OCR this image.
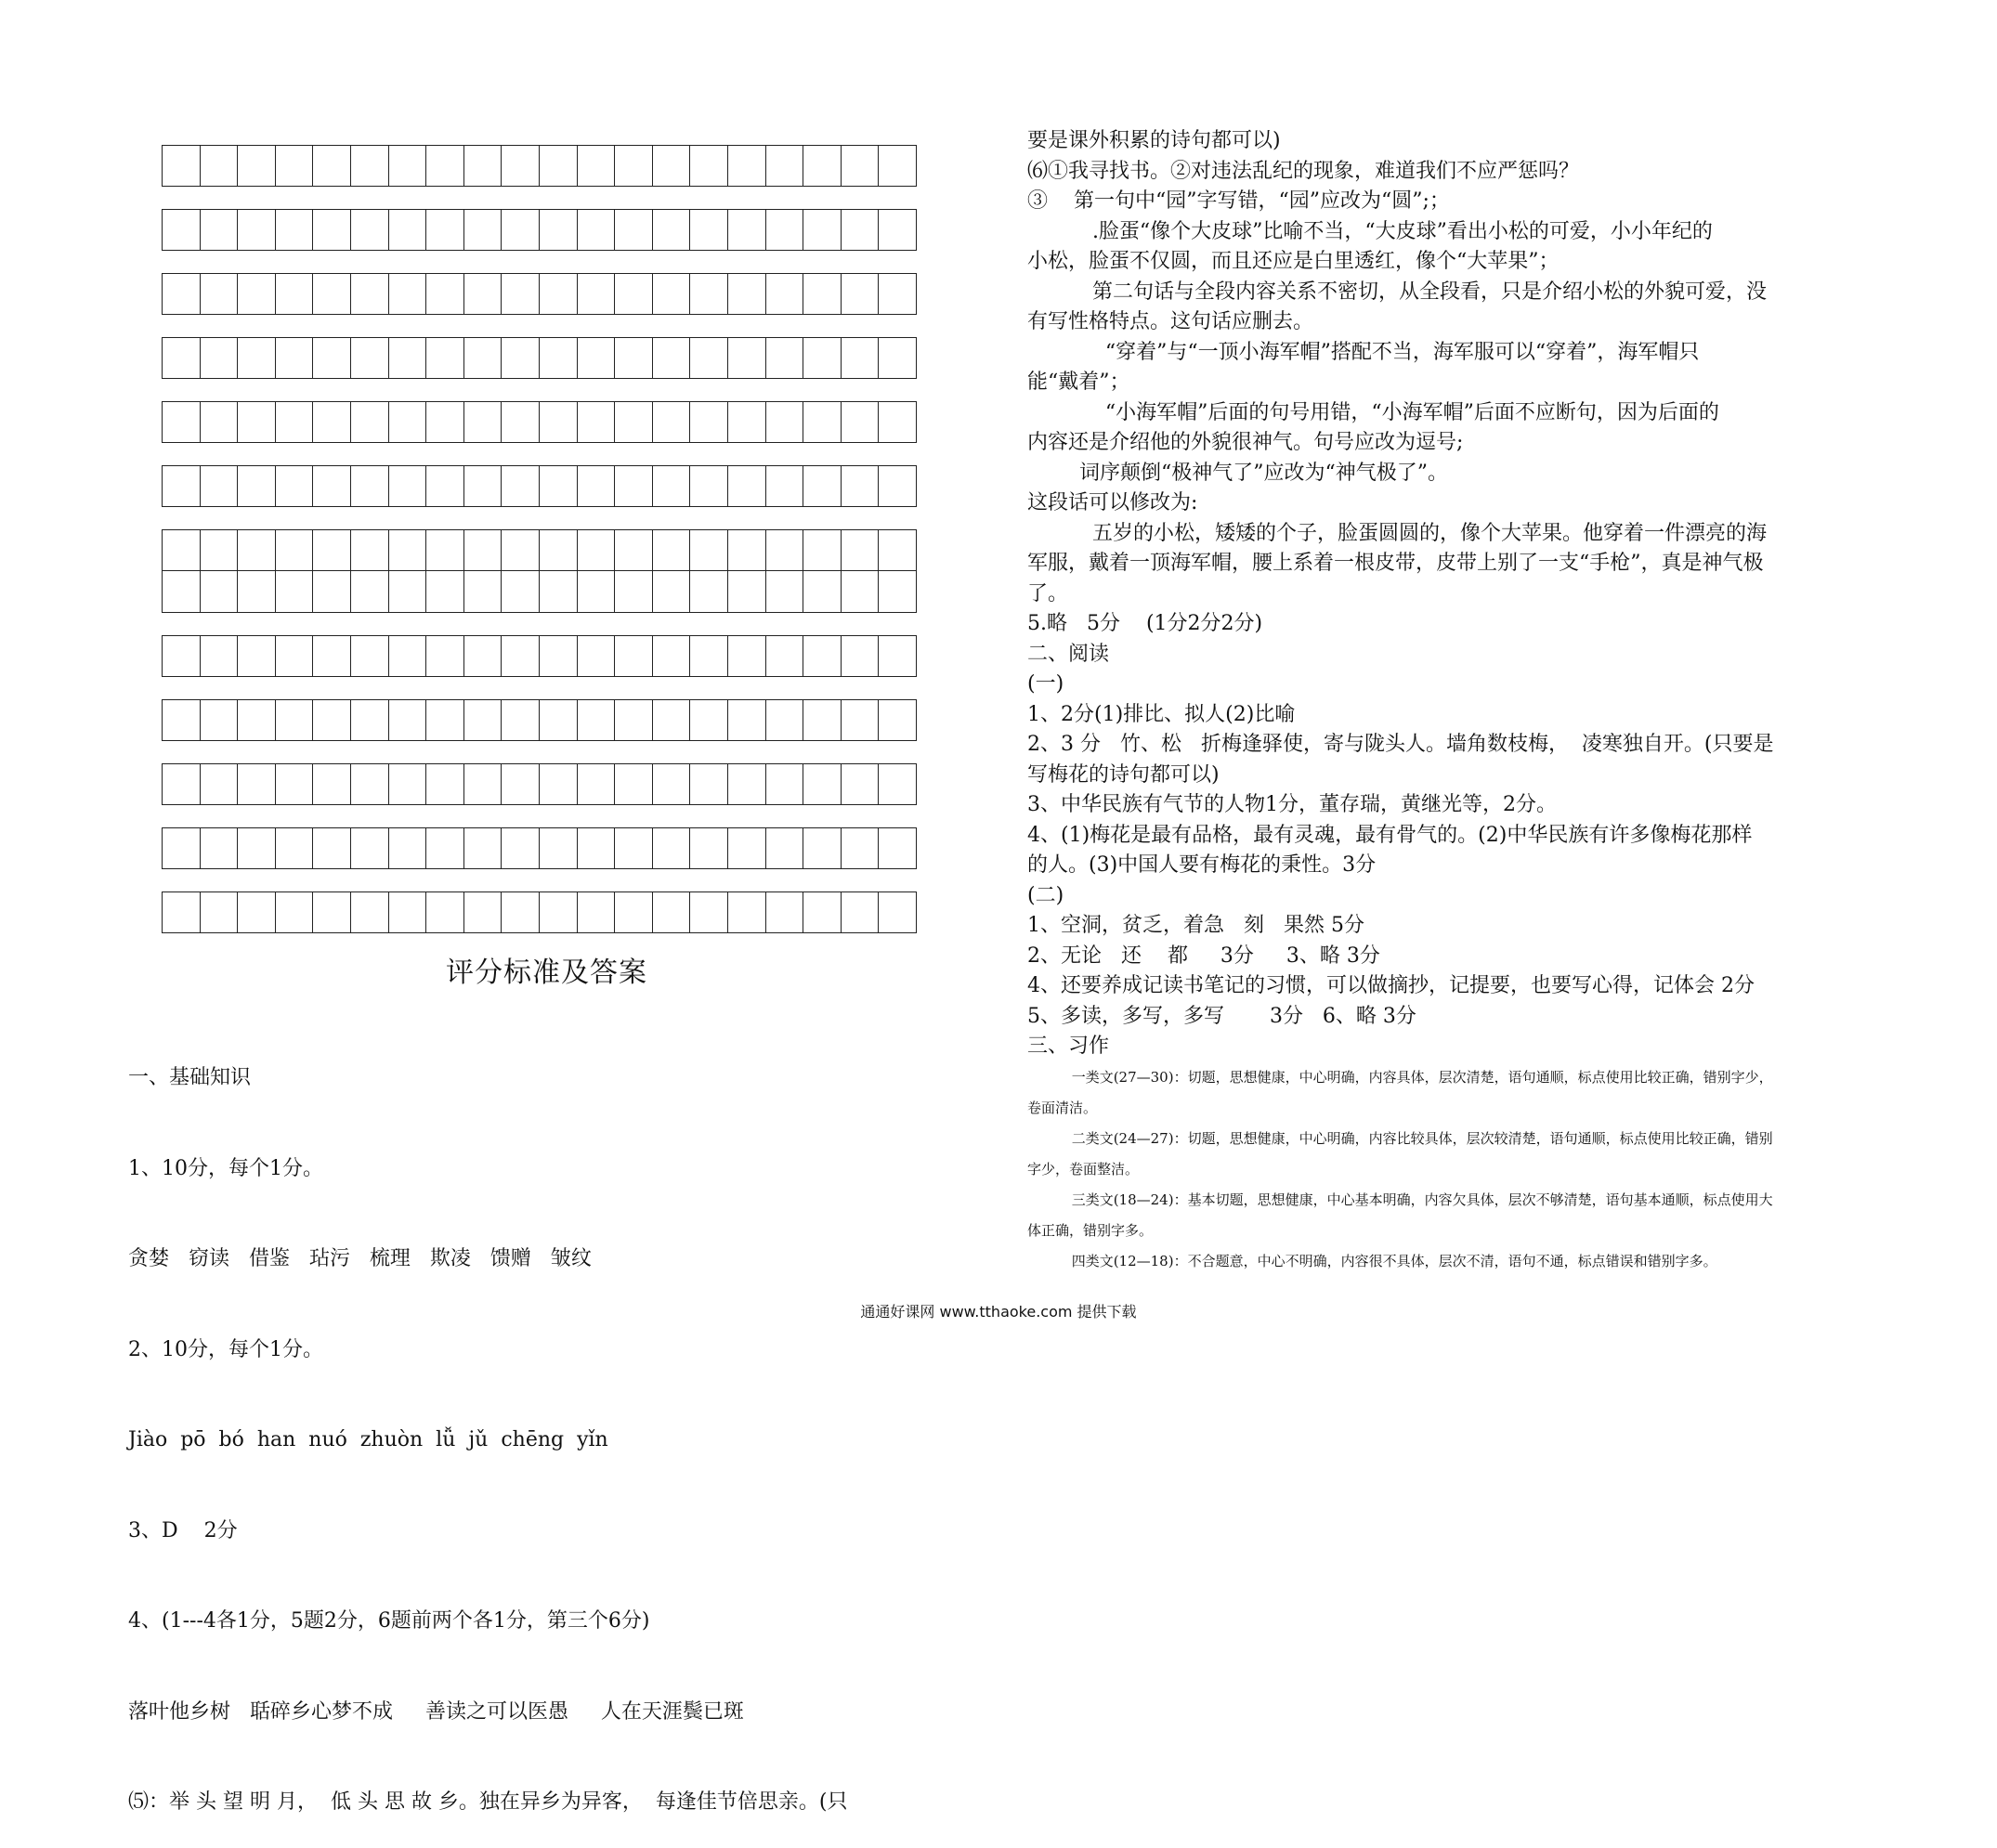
评分标准及答案

一、基础知识

1、10分，每个1分。

贪婪   窃读   借鉴   玷污   梳理   欺凌   馈赠   皱纹

2、10分，每个1分。

Jiào  pō  bó  han  nuó  zhuòn  lǚ  jǔ  chēng  yǐn

3、D    2分

4、(1---4各1分，5题2分，6题前两个各1分，第三个6分)

落叶他乡树   聒碎乡心梦不成     善读之可以医愚     人在天涯鬓已斑

⑸：举 头 望 明 月，  低 头 思 故 乡。独在异乡为异客，  每逢佳节倍思亲。(只

要是课外积累的诗句都可以)

⑹①我寻找书。②对违法乱纪的现象，难道我们不应严惩吗？

③    第一句中“园”字写错，“园”应改为“圆”;；

.脸蛋“像个大皮球”比喻不当，“大皮球”看出小松的可爱，小小年纪的

小松，脸蛋不仅圆，而且还应是白里透红，像个“大苹果”；

第二句话与全段内容关系不密切，从全段看，只是介绍小松的外貌可爱，没

有写性格特点。这句话应删去。

“穿着”与“一顶小海军帽”搭配不当，海军服可以“穿着”，海军帽只

能“戴着”；

“小海军帽”后面的句号用错，“小海军帽”后面不应断句，因为后面的

内容还是介绍他的外貌很神气。句号应改为逗号;

词序颠倒“极神气了”应改为“神气极了”。

这段话可以修改为:

五岁的小松，矮矮的个子，脸蛋圆圆的，像个大苹果。他穿着一件漂亮的海

军服，戴着一顶海军帽，腰上系着一根皮带，皮带上别了一支“手枪”，真是神气极

了。

5.略   5分    (1分2分2分)

二、阅读

(一)

1、2分(1)排比、拟人(2)比喻

2、3 分   竹、松   折梅逢驿使，寄与陇头人。墙角数枝梅，  凌寒独自开。(只要是

写梅花的诗句都可以)

3、中华民族有气节的人物1分，董存瑞，黄继光等，2分。

4、(1)梅花是最有品格，最有灵魂，最有骨气的。(2)中华民族有许多像梅花那样

的人。(3)中国人要有梅花的秉性。3分

(二)

1、空洞，贫乏，着急   刻   果然 5分

2、无论   还    都     3分     3、略 3分

4、还要养成记读书笔记的习惯，可以做摘抄，记提要，也要写心得，记体会 2分

5、多读，多写，多写       3分   6、略 3分

三、习作

一类文(27—30)：切题，思想健康，中心明确，内容具体，层次清楚，语句通顺，标点使用比较正确，错别字少，

卷面清洁。

二类文(24—27)：切题，思想健康，中心明确，内容比较具体，层次较清楚，语句通顺，标点使用比较正确，错别

字少，卷面整洁。

三类文(18—24)：基本切题，思想健康，中心基本明确，内容欠具体，层次不够清楚，语句基本通顺，标点使用大

体正确，错别字多。

四类文(12—18)：不合题意，中心不明确，内容很不具体，层次不清，语句不通，标点错误和错别字多。

通通好课网 www.tthaoke.com 提供下载
